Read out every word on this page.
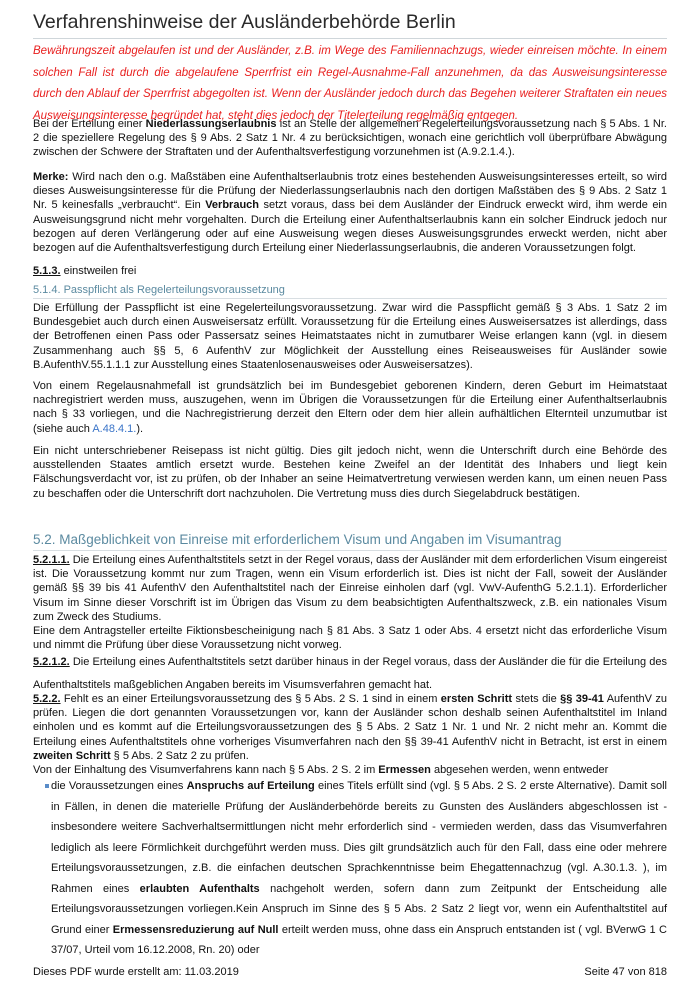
Verfahrenshinweise der Ausländerbehörde Berlin
Bewährungszeit abgelaufen ist und der Ausländer, z.B. im Wege des Familiennachzugs, wieder einreisen möchte. In einem solchen Fall ist durch die abgelaufene Sperrfrist ein Regel-Ausnahme-Fall anzunehmen, da das Ausweisungsinteresse durch den Ablauf der Sperrfrist abgegolten ist. Wenn der Ausländer jedoch durch das Begehen weiterer Straftaten ein neues Ausweisungsinteresse begründet hat, steht dies jedoch der Titelerteilung regelmäßig entgegen.
Bei der Erteilung einer Niederlassungserlaubnis ist an Stelle der allgemeinen Regelerteilungsvoraussetzung nach § 5 Abs. 1 Nr. 2 die speziellere Regelung des § 9 Abs. 2 Satz 1 Nr. 4 zu berücksichtigen, wonach eine gerichtlich voll überprüfbare Abwägung zwischen der Schwere der Straftaten und der Aufenthaltsverfestigung vorzunehmen ist (A.9.2.1.4.).
Merke: Wird nach den o.g. Maßstäben eine Aufenthaltserlaubnis trotz eines bestehenden Ausweisungsinteresses erteilt, so wird dieses Ausweisungsinteresse für die Prüfung der Niederlassungserlaubnis nach den dortigen Maßstäben des § 9 Abs. 2 Satz 1 Nr. 5 keinesfalls „verbraucht“. Ein Verbrauch setzt voraus, dass bei dem Ausländer der Eindruck erweckt wird, ihm werde ein Ausweisungsgrund nicht mehr vorgehalten. Durch die Erteilung einer Aufenthaltserlaubnis kann ein solcher Eindruck jedoch nur bezogen auf deren Verlängerung oder auf eine Ausweisung wegen dieses Ausweisungsgrundes erweckt werden, nicht aber bezogen auf die Aufenthaltsverfestigung durch Erteilung einer Niederlassungserlaubnis, die anderen Voraussetzungen folgt.
5.1.3. einstweilen frei
5.1.4. Passpflicht als Regelerteilungsvoraussetzung
Die Erfüllung der Passpflicht ist eine Regelerteilungsvoraussetzung. Zwar wird die Passpflicht gemäß § 3 Abs. 1 Satz 2 im Bundesgebiet auch durch einen Ausweisersatz erfüllt. Voraussetzung für die Erteilung eines Ausweisersatzes ist allerdings, dass der Betroffenen einen Pass oder Passersatz seines Heimatstaates nicht in zumutbarer Weise erlangen kann (vgl. in diesem Zusammenhang auch §§ 5, 6 AufenthV zur Möglichkeit der Ausstellung eines Reiseausweises für Ausländer sowie B.AufenthV.55.1.1.1 zur Ausstellung eines Staatenlosenausweises oder Ausweisersatzes).
Von einem Regelausnahmefall ist grundsätzlich bei im Bundesgebiet geborenen Kindern, deren Geburt im Heimatstaat nachregistriert werden muss, auszugehen, wenn im Übrigen die Voraussetzungen für die Erteilung einer Aufenthaltserlaubnis nach § 33 vorliegen, und die Nachregistrierung derzeit den Eltern oder dem hier allein aufhältlichen Elternteil unzumutbar ist (siehe auch A.48.4.1.).
Ein nicht unterschriebener Reisepass ist nicht gültig. Dies gilt jedoch nicht, wenn die Unterschrift durch eine Behörde des ausstellenden Staates amtlich ersetzt wurde. Bestehen keine Zweifel an der Identität des Inhabers und liegt kein Fälschungsverdacht vor, ist zu prüfen, ob der Inhaber an seine Heimatvertretung verwiesen werden kann, um einen neuen Pass zu beschaffen oder die Unterschrift dort nachzuholen. Die Vertretung muss dies durch Siegelabdruck bestätigen.
5.2. Maßgeblichkeit von Einreise mit erforderlichem Visum und Angaben im Visumantrag

5.2.1.1. Die Erteilung eines Aufenthaltstitels setzt in der Regel voraus, dass der Ausländer mit dem erforderlichen Visum eingereist ist. Die Voraussetzung kommt nur zum Tragen, wenn ein Visum erforderlich ist. Dies ist nicht der Fall, soweit der Ausländer gemäß §§ 39 bis 41 AufenthV den Aufenthaltstitel nach der Einreise einholen darf (vgl. VwV-AufenthG 5.2.1.1). Erforderlicher Visum im Sinne dieser Vorschrift ist im Übrigen das Visum zu dem beabsichtigten Aufenthaltszweck, z.B. ein nationales Visum zum Zweck des Studiums.

Eine dem Antragsteller erteilte Fiktionsbescheinigung nach § 81 Abs. 3 Satz 1 oder Abs. 4 ersetzt nicht das erforderliche Visum und nimmt die Prüfung über diese Voraussetzung nicht vorweg.

5.2.1.2. Die Erteilung eines Aufenthaltstitels setzt darüber hinaus in der Regel voraus, dass der Ausländer die für die Erteilung des Aufenthaltstitels maßgeblichen Angaben bereits im Visumsverfahren gemacht hat.

5.2.2. Fehlt es an einer Erteilungsvoraussetzung des § 5 Abs. 2 S. 1 sind in einem ersten Schritt stets die §§ 39-41 AufenthV zu prüfen. Liegen die dort genannten Voraussetzungen vor, kann der Ausländer schon deshalb seinen Aufenthaltstitel im Inland einholen und es kommt auf die Erteilungsvoraussetzungen des § 5 Abs. 2 Satz 1 Nr. 1 und Nr. 2 nicht mehr an. Kommt die Erteilung eines Aufenthaltstitels ohne vorheriges Visumverfahren nach den §§ 39-41 AufenthV nicht in Betracht, ist erst in einem zweiten Schritt § 5 Abs. 2 Satz 2 zu prüfen.

Von der Einhaltung des Visumverfahrens kann nach § 5 Abs. 2 S. 2 im Ermessen abgesehen werden, wenn entweder

die Voraussetzungen eines Anspruchs auf Erteilung eines Titels erfüllt sind (vgl. § 5 Abs. 2 S. 2 erste Alternative). Damit soll in Fällen, in denen die materielle Prüfung der Ausländerbehörde bereits zu Gunsten des Ausländers abgeschlossen ist - insbesondere weitere Sachverhaltsermittlungen nicht mehr erforderlich sind - vermieden werden, dass das Visumverfahren lediglich als leere Förmlichkeit durchgeführt werden muss. Dies gilt grundsätzlich auch für den Fall, dass eine oder mehrere Erteilungsvoraussetzungen, z.B. die einfachen deutschen Sprachkenntnisse beim Ehegattennachzug (vgl. A.30.1.3. ), im Rahmen eines erlaubten Aufenthalts nachgeholt werden, sofern dann zum Zeitpunkt der Entscheidung alle Erteilungsvoraussetzungen vorliegen.Kein Anspruch im Sinne des § 5 Abs. 2 Satz 2 liegt vor, wenn ein Aufenthaltstitel auf Grund einer Ermessensreduzierung auf Null erteilt werden muss, ohne dass ein Anspruch entstanden ist ( vgl. BVerwG 1 C 37/07, Urteil vom 16.12.2008, Rn. 20) oder
Dieses PDF wurde erstellt am: 11.03.2019	Seite 47 von 818
